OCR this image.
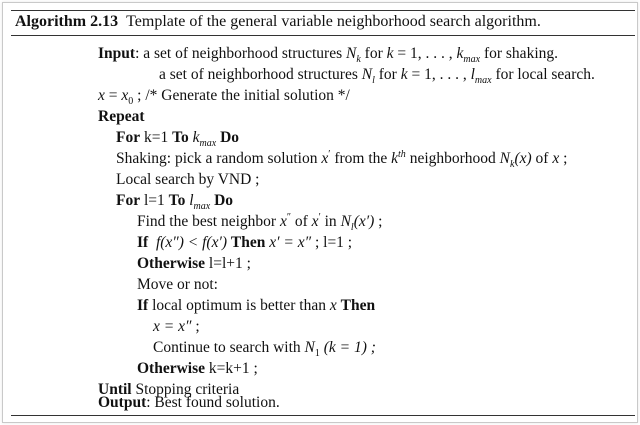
Algorithm 2.13 Template of the general variable neighborhood search algorithm.
Input: a set of neighborhood structures $N_k$ for k = 1, . . . , $k_{max}$ for shaking.
a set of neighborhood structures $N_l$ for k = 1, . . . , $l_{max}$ for local search.
$x = x_0$ ; /* Generate the initial solution */
Repeat
For k=1 To $k_{max}$ Do
Shaking: pick a random solution x′ from the $k^{th}$ neighborhood $N_k(x)$ of x ;
Local search by VND ;
For l=1 To $l_{max}$ Do
Find the best neighbor x″ of x′ in $N_l(x')$ ;
If f(x″) < f(x′) Then x′ = x″ ; l=1 ;
Otherwise l=l+1 ;
Move or not:
If local optimum is better than x Then
x = x″ ;
Continue to search with $N_1$ (k = 1) ;
Otherwise k=k+1 ;
Until Stopping criteria
Output: Best found solution.
